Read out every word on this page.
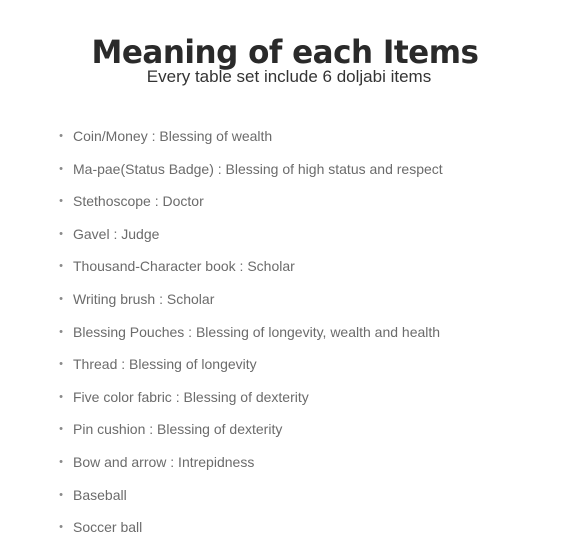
Meaning of each Items
Every table set include 6 doljabi items
• Coin/Money : Blessing of wealth
• Ma-pae(Status Badge) : Blessing of high status and respect
• Stethoscope : Doctor
• Gavel : Judge
• Thousand-Character book : Scholar
• Writing brush : Scholar
• Blessing Pouches : Blessing of longevity, wealth and health
• Thread : Blessing of longevity
• Five color fabric : Blessing of dexterity
• Pin cushion : Blessing of dexterity
• Bow and arrow : Intrepidness
• Baseball
• Soccer ball
